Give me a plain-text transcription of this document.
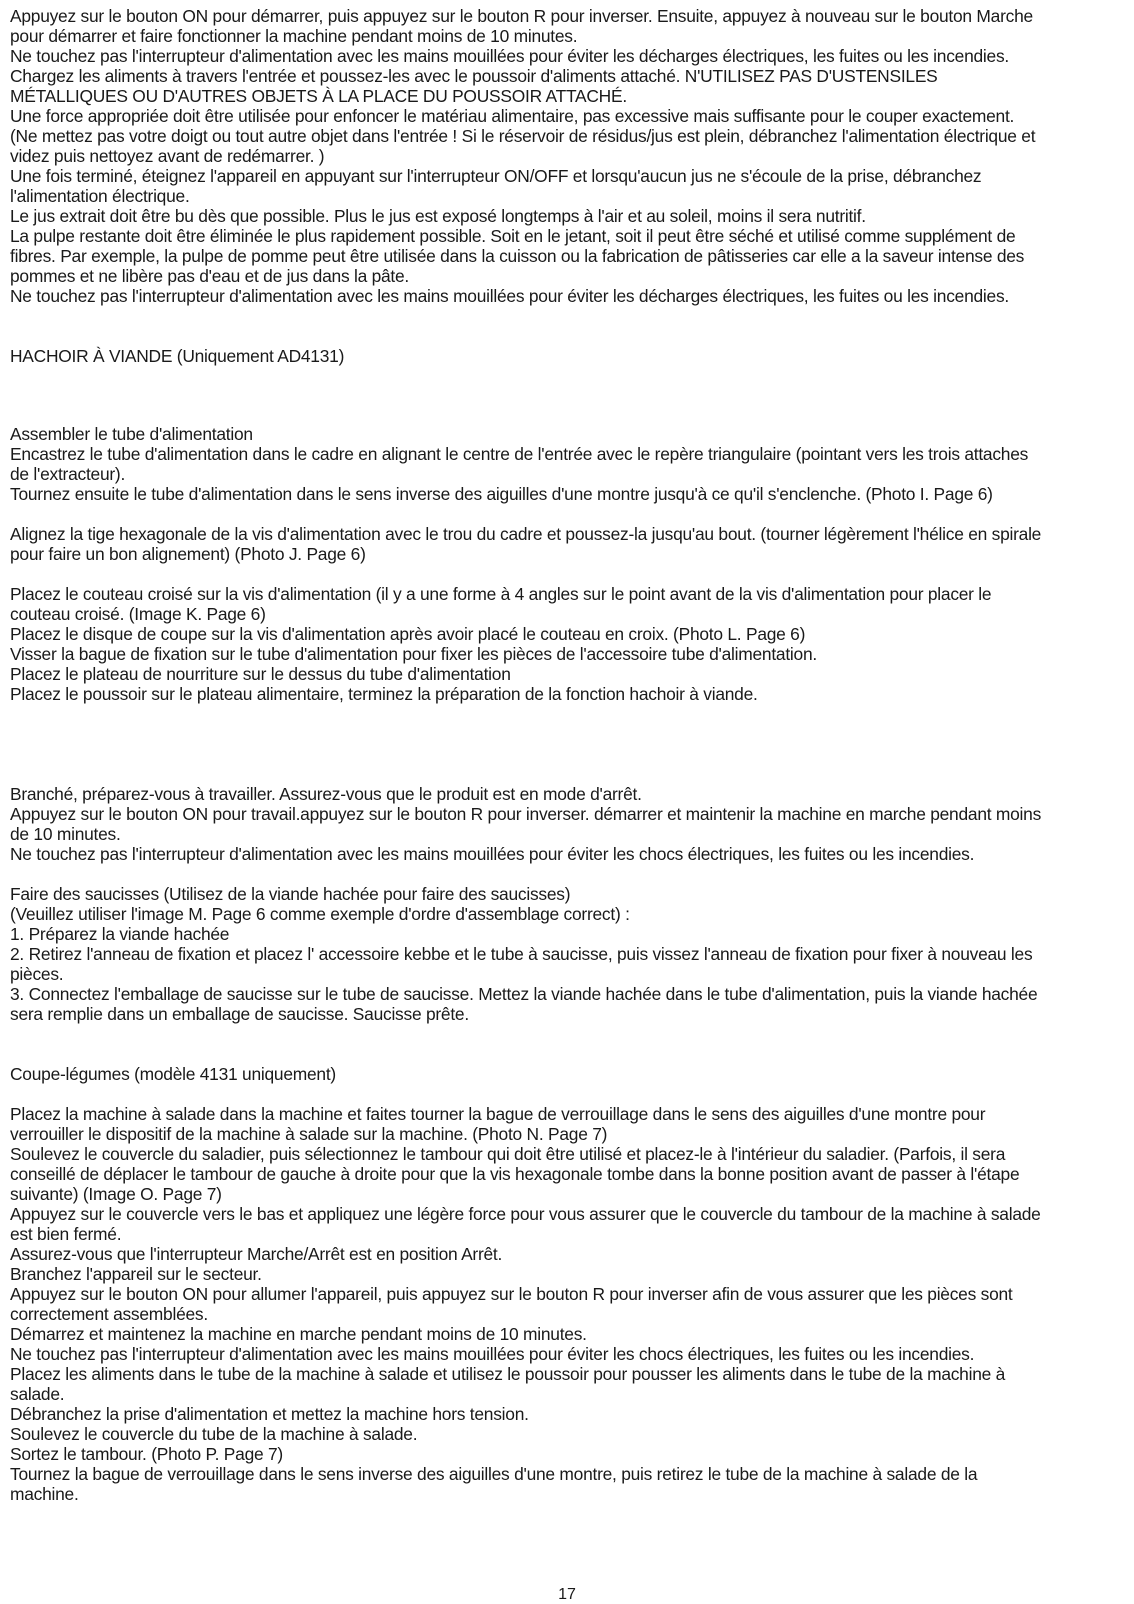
Appuyez sur le bouton ON pour démarrer, puis appuyez sur le bouton R pour inverser. Ensuite, appuyez à nouveau sur le bouton Marche
pour démarrer et faire fonctionner la machine pendant moins de 10 minutes.
Ne touchez pas l'interrupteur d'alimentation avec les mains mouillées pour éviter les décharges électriques, les fuites ou les incendies.
Chargez les aliments à travers l'entrée et poussez-les avec le poussoir d'aliments attaché. N'UTILISEZ PAS D'USTENSILES
MÉTALLIQUES OU D'AUTRES OBJETS À LA PLACE DU POUSSOIR ATTACHÉ.
Une force appropriée doit être utilisée pour enfoncer le matériau alimentaire, pas excessive mais suffisante pour le couper exactement.
(Ne mettez pas votre doigt ou tout autre objet dans l'entrée ! Si le réservoir de résidus/jus est plein, débranchez l'alimentation électrique et
videz puis nettoyez avant de redémarrer. )
Une fois terminé, éteignez l'appareil en appuyant sur l'interrupteur ON/OFF et lorsqu'aucun jus ne s'écoule de la prise, débranchez
l'alimentation électrique.
Le jus extrait doit être bu dès que possible. Plus le jus est exposé longtemps à l'air et au soleil, moins il sera nutritif.
La pulpe restante doit être éliminée le plus rapidement possible. Soit en le jetant, soit il peut être séché et utilisé comme supplément de
fibres. Par exemple, la pulpe de pomme peut être utilisée dans la cuisson ou la fabrication de pâtisseries car elle a la saveur intense des
pommes et ne libère pas d'eau et de jus dans la pâte.
Ne touchez pas l'interrupteur d'alimentation avec les mains mouillées pour éviter les décharges électriques, les fuites ou les incendies.
HACHOIR À VIANDE (Uniquement AD4131)
Assembler le tube d'alimentation
Encastrez le tube d'alimentation dans le cadre en alignant le centre de l'entrée avec le repère triangulaire (pointant vers les trois attaches
de l'extracteur).
Tournez ensuite le tube d'alimentation dans le sens inverse des aiguilles d'une montre jusqu'à ce qu'il s'enclenche. (Photo I. Page 6)
Alignez la tige hexagonale de la vis d'alimentation avec le trou du cadre et poussez-la jusqu'au bout. (tourner légèrement l'hélice en spirale
pour faire un bon alignement) (Photo J. Page 6)
Placez le couteau croisé sur la vis d'alimentation (il y a une forme à 4 angles sur le point avant de la vis d'alimentation pour placer le
couteau croisé. (Image K. Page 6)
Placez le disque de coupe sur la vis d'alimentation après avoir placé le couteau en croix. (Photo L. Page 6)
Visser la bague de fixation sur le tube d'alimentation pour fixer les pièces de l'accessoire tube d'alimentation.
Placez le plateau de nourriture sur le dessus du tube d'alimentation
Placez le poussoir sur le plateau alimentaire, terminez la préparation de la fonction hachoir à viande.
Branché, préparez-vous à travailler. Assurez-vous que le produit est en mode d'arrêt.
Appuyez sur le bouton ON pour travail.appuyez sur le bouton R pour inverser. démarrer et maintenir la machine en marche pendant moins
de 10 minutes.
Ne touchez pas l'interrupteur d'alimentation avec les mains mouillées pour éviter les chocs électriques, les fuites ou les incendies.
Faire des saucisses (Utilisez de la viande hachée pour faire des saucisses)
(Veuillez utiliser l'image M. Page 6 comme exemple d'ordre d'assemblage correct) :
1. Préparez la viande hachée
2. Retirez l'anneau de fixation et placez l' accessoire kebbe et le tube à saucisse, puis vissez l'anneau de fixation pour fixer à nouveau les
pièces.
3. Connectez l'emballage de saucisse sur le tube de saucisse. Mettez la viande hachée dans le tube d'alimentation, puis la viande hachée
sera remplie dans un emballage de saucisse. Saucisse prête.
Coupe-légumes (modèle 4131 uniquement)
Placez la machine à salade dans la machine et faites tourner la bague de verrouillage dans le sens des aiguilles d'une montre pour
verrouiller le dispositif de la machine à salade sur la machine. (Photo N. Page 7)
Soulevez le couvercle du saladier, puis sélectionnez le tambour qui doit être utilisé et placez-le à l'intérieur du saladier. (Parfois, il sera
conseillé de déplacer le tambour de gauche à droite pour que la vis hexagonale tombe dans la bonne position avant de passer à l'étape
suivante) (Image O. Page 7)
Appuyez sur le couvercle vers le bas et appliquez une légère force pour vous assurer que le couvercle du tambour de la machine à salade
est bien fermé.
Assurez-vous que l'interrupteur Marche/Arrêt est en position Arrêt.
Branchez l'appareil sur le secteur.
Appuyez sur le bouton ON pour allumer l'appareil, puis appuyez sur le bouton R pour inverser afin de vous assurer que les pièces sont
correctement assemblées.
Démarrez et maintenez la machine en marche pendant moins de 10 minutes.
Ne touchez pas l'interrupteur d'alimentation avec les mains mouillées pour éviter les chocs électriques, les fuites ou les incendies.
Placez les aliments dans le tube de la machine à salade et utilisez le poussoir pour pousser les aliments dans le tube de la machine à
salade.
Débranchez la prise d'alimentation et mettez la machine hors tension.
Soulevez le couvercle du tube de la machine à salade.
Sortez le tambour. (Photo P. Page 7)
Tournez la bague de verrouillage dans le sens inverse des aiguilles d'une montre, puis retirez le tube de la machine à salade de la
machine.
17
